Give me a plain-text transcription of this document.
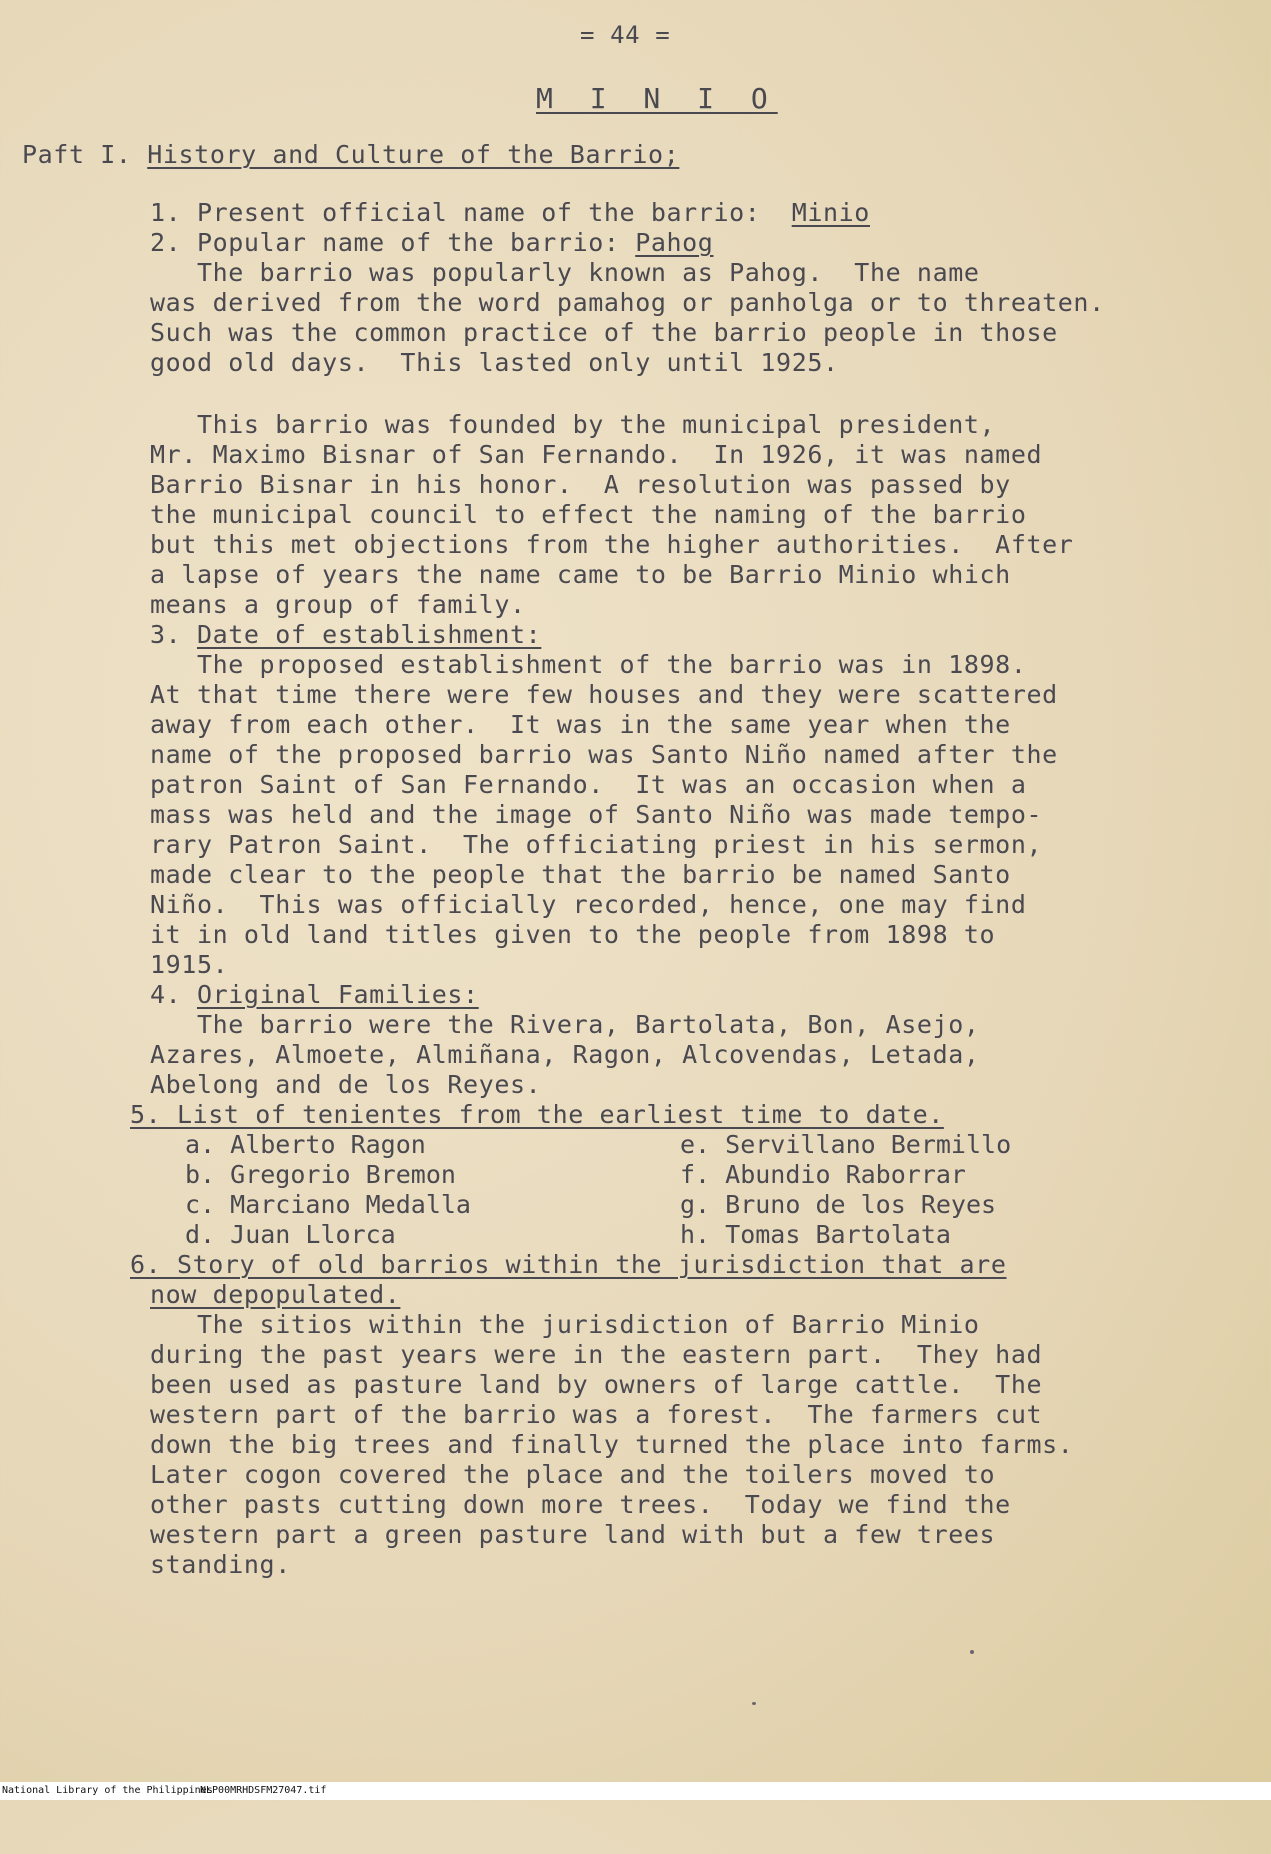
= 44 =
M I N I O
Paft I. History and Culture of the Barrio;
1. Present official name of the barrio:  Minio
2. Popular name of the barrio: Pahog
The barrio was popularly known as Pahog.  The name
was derived from the word pamahog or panholga or to threaten.
Such was the common practice of the barrio people in those
good old days.  This lasted only until 1925.
This barrio was founded by the municipal president,
Mr. Maximo Bisnar of San Fernando.  In 1926, it was named
Barrio Bisnar in his honor.  A resolution was passed by
the municipal council to effect the naming of the barrio
but this met objections from the higher authorities.  After
a lapse of years the name came to be Barrio Minio which
means a group of family.
3. Date of establishment:
The proposed establishment of the barrio was in 1898.
At that time there were few houses and they were scattered
away from each other.  It was in the same year when the
name of the proposed barrio was Santo Niño named after the
patron Saint of San Fernando.  It was an occasion when a
mass was held and the image of Santo Niño was made tempo-
rary Patron Saint.  The officiating priest in his sermon,
made clear to the people that the barrio be named Santo
Niño.  This was officially recorded, hence, one may find
it in old land titles given to the people from 1898 to
1915.
4. Original Families:
The barrio were the Rivera, Bartolata, Bon, Asejo,
Azares, Almoete, Almiñana, Ragon, Alcovendas, Letada,
Abelong and de los Reyes.
5. List of tenientes from the earliest time to date.
a. Alberto Ragon
b. Gregorio Bremon
c. Marciano Medalla
d. Juan Llorca
e. Servillano Bermillo
f. Abundio Raborrar
g. Bruno de los Reyes
h. Tomas Bartolata
6. Story of old barrios within the jurisdiction that are
now depopulated.
The sitios within the jurisdiction of Barrio Minio
during the past years were in the eastern part.  They had
been used as pasture land by owners of large cattle.  The
western part of the barrio was a forest.  The farmers cut
down the big trees and finally turned the place into farms.
Later cogon covered the place and the toilers moved to
other pasts cutting down more trees.  Today we find the
western part a green pasture land with but a few trees
standing.

National Library of the Philippines

NLP00MRHDSFM27047.tif
